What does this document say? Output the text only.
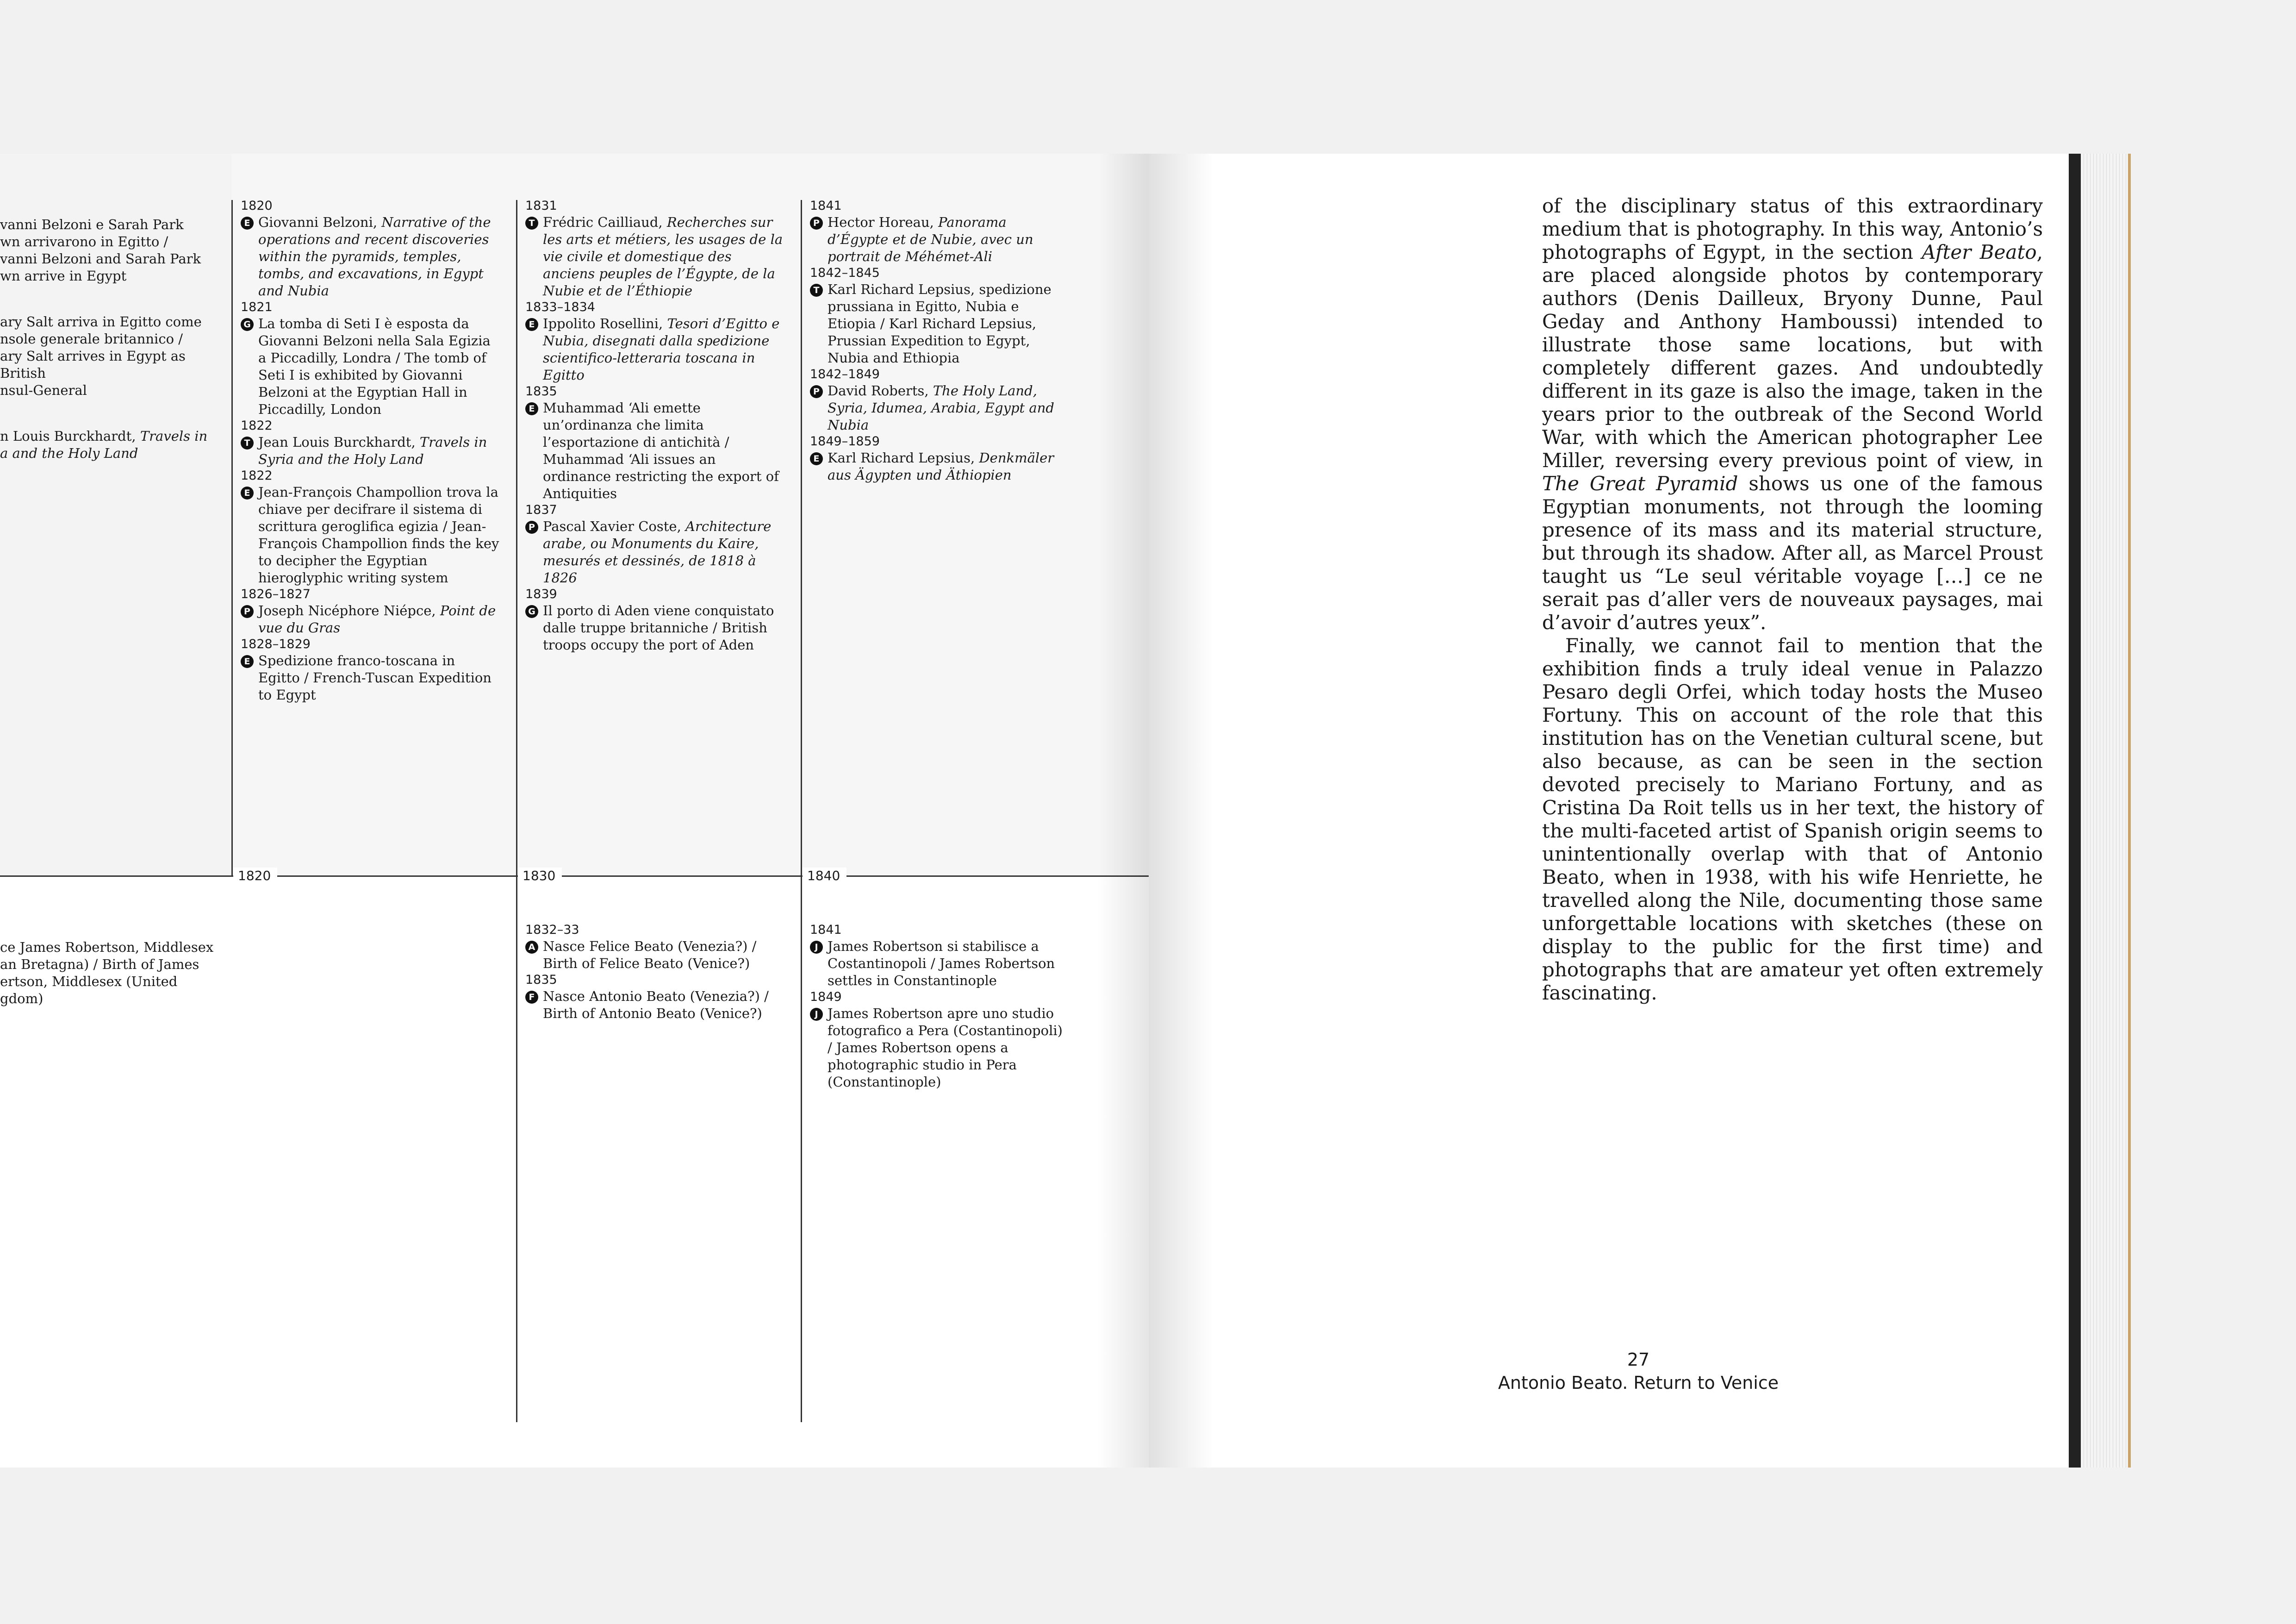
1820	1830	1840
vanni Belzoni e Sarah Park
wn arrivarono in Egitto /
vanni Belzoni and Sarah Park
wn arrive in Egypt
ary Salt arriva in Egitto come
nsole generale britannico /
ary Salt arrives in Egypt as British
nsul-General
n Louis Burckhardt, Travels in
a and the Holy Land
1820
E Giovanni Belzoni, Narrative of the operations and recent discoveries within the pyramids, temples, tombs, and excavations, in Egypt and Nubia
1821
G La tomba di Seti I è esposta da Giovanni Belzoni nella Sala Egizia a Piccadilly, Londra / The tomb of Seti I is exhibited by Giovanni Belzoni at the Egyptian Hall in Piccadilly, London
1822
T Jean Louis Burckhardt, Travels in Syria and the Holy Land
1822
E Jean-François Champollion trova la chiave per decifrare il sistema di scrittura geroglifica egizia / Jean-François Champollion finds the key to decipher the Egyptian hieroglyphic writing system
1826–1827
P Joseph Nicéphore Niépce, Point de vue du Gras
1828–1829
E Spedizione franco-toscana in Egitto / French-Tuscan Expedition to Egypt
1831
T Frédric Cailliaud, Recherches sur les arts et métiers, les usages de la vie civile et domestique des anciens peuples de l’Égypte, de la Nubie et de l’Éthiopie
1833–1834
E Ippolito Rosellini, Tesori d’Egitto e Nubia, disegnati dalla spedizione scientifico-letteraria toscana in Egitto
1835
E Muhammad ‘Ali emette un’ordinanza che limita l’esportazione di antichità / Muhammad ‘Ali issues an ordinance restricting the export of Antiquities
1837
P Pascal Xavier Coste, Architecture arabe, ou Monuments du Kaire, mesurés et dessinés, de 1818 à 1826
1839
G Il porto di Aden viene conquistato dalle truppe britanniche / British troops occupy the port of Aden
1841
P Hector Horeau, Panorama d’Égypte et de Nubie, avec un portrait de Méhémet-Ali
1842–1845
T Karl Richard Lepsius, spedizione prussiana in Egitto, Nubia e Etiopia / Karl Richard Lepsius, Prussian Expedition to Egypt, Nubia and Ethiopia
1842–1849
P David Roberts, The Holy Land, Syria, Idumea, Arabia, Egypt and Nubia
1849–1859
E Karl Richard Lepsius, Denkmäler aus Ägypten und Äthiopien
ce James Robertson, Middlesex
an Bretagna) / Birth of James
ertson, Middlesex (United
gdom)
1832–33
A Nasce Felice Beato (Venezia?) / Birth of Felice Beato (Venice?)
1835
F Nasce Antonio Beato (Venezia?) / Birth of Antonio Beato (Venice?)
1841
J James Robertson si stabilisce a Costantinopoli / James Robertson settles in Constantinople
1849
J James Robertson apre uno studio fotografico a Pera (Costantinopoli) / James Robertson opens a photographic studio in Pera (Constantinople)

of the disciplinary status of this extraordinary medium that is photography. In this way, Antonio’s photographs of Egypt, in the section After Beato, are placed alongside photos by contemporary authors (Denis Dailleux, Bryony Dunne, Paul Geday and Anthony Hamboussi) intended to illustrate those same locations, but with completely different gazes. And undoubtedly different in its gaze is also the image, taken in the years prior to the outbreak of the Second World War, with which the American photographer Lee Miller, reversing every previous point of view, in The Great Pyramid shows us one of the famous Egyptian monuments, not through the looming presence of its mass and its material structure, but through its shadow. After all, as Marcel Proust taught us “Le seul véritable voyage […] ce ne serait pas d’aller vers de nouveaux paysages, mai d’avoir d’autres yeux”.

Finally, we cannot fail to mention that the exhibition finds a truly ideal venue in Palazzo Pesaro degli Orfei, which today hosts the Museo Fortuny. This on account of the role that this institution has on the Venetian cultural scene, but also because, as can be seen in the section devoted precisely to Mariano Fortuny, and as Cristina Da Roit tells us in her text, the history of the multi-faceted artist of Spanish origin seems to unintentionally overlap with that of Antonio Beato, when in 1938, with his wife Henriette, he travelled along the Nile, documenting those same unforgettable locations with sketches (these on display to the public for the first time) and photographs that are amateur yet often extremely fascinating.

27
Antonio Beato. Return to Venice
